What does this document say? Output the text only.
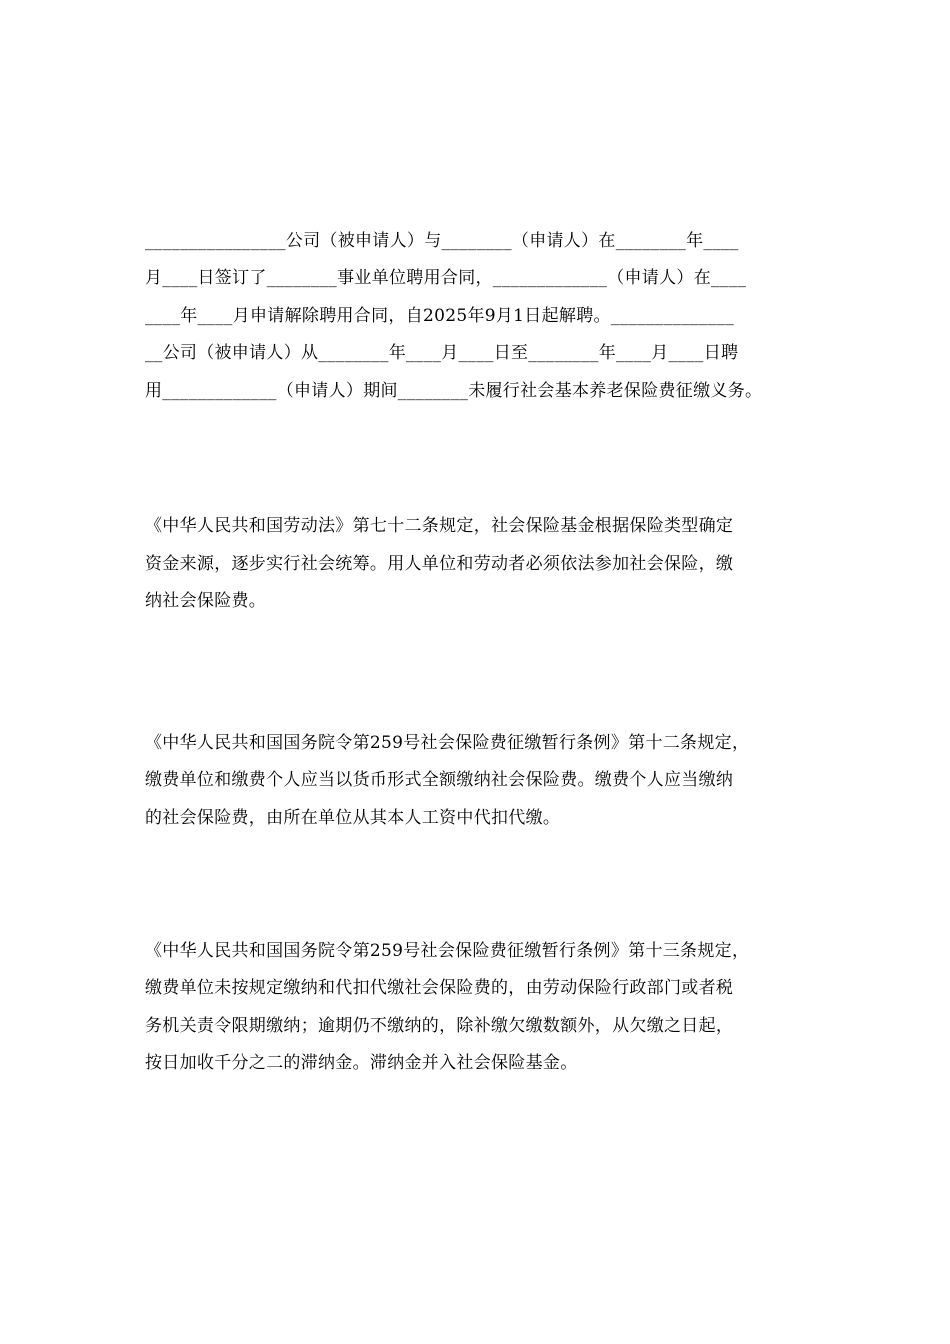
________________公司（被申请人）与________（申请人）在________年____
月____日签订了________事业单位聘用合同，_____________（申请人）在____
____年____月申请解除聘用合同，自2025年9月1日起解聘。______________
__公司（被申请人）从________年____月____日至________年____月____日聘
用_____________（申请人）期间________未履行社会基本养老保险费征缴义务。
《中华人民共和国劳动法》第七十二条规定，社会保险基金根据保险类型确定
资金来源，逐步实行社会统筹。用人单位和劳动者必须依法参加社会保险，缴
纳社会保险费。
《中华人民共和国国务院令第259号社会保险费征缴暂行条例》第十二条规定，
缴费单位和缴费个人应当以货币形式全额缴纳社会保险费。缴费个人应当缴纳
的社会保险费，由所在单位从其本人工资中代扣代缴。
《中华人民共和国国务院令第259号社会保险费征缴暂行条例》第十三条规定，
缴费单位未按规定缴纳和代扣代缴社会保险费的，由劳动保险行政部门或者税
务机关责令限期缴纳；逾期仍不缴纳的，除补缴欠缴数额外，从欠缴之日起，
按日加收千分之二的滞纳金。滞纳金并入社会保险基金。
